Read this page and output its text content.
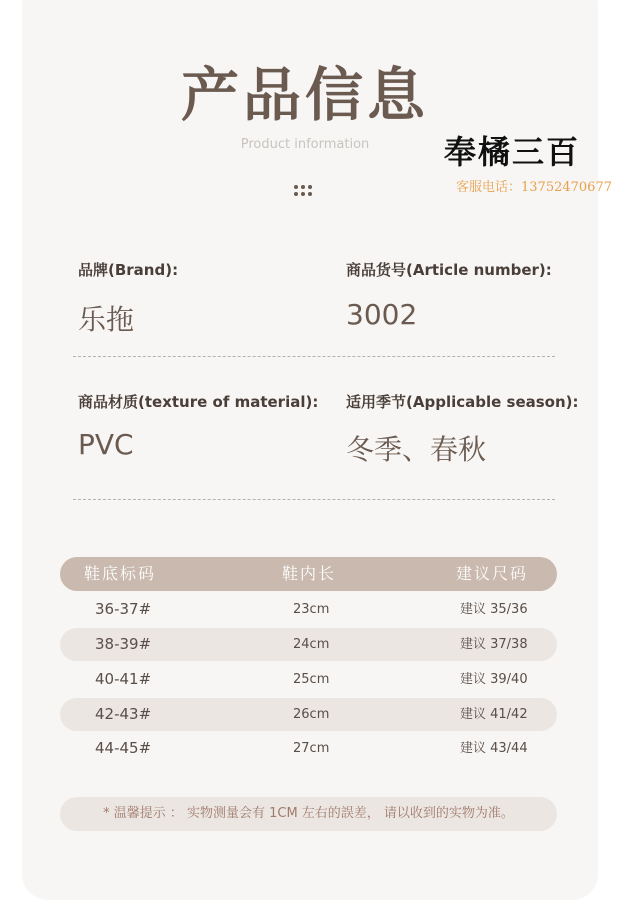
产品信息
Product information	奉橘三百
客服电话：13752470677
品牌(Brand):
乐拖
商品货号(Article number):
3002
商品材质(texture of material):
PVC
适用季节(Applicable season):
冬季、春秋
鞋底标码	鞋内长	建议尺码
36-37#	23cm	建议 35/36
38-39#	24cm	建议 37/38
40-41#	25cm	建议 39/40
42-43#	26cm	建议 41/42
44-45#	27cm	建议 43/44
* 温馨提示 ： 实物测量会有 1CM 左右的誤差， 请以收到的实物为准。
